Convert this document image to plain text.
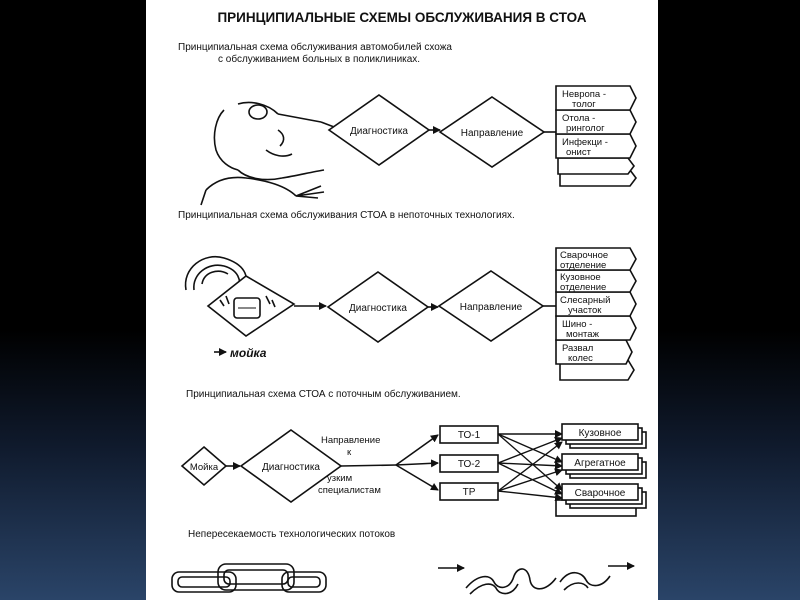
ПРИНЦИПИАЛЬНЫЕ СХЕМЫ ОБСЛУЖИВАНИЯ В СТОА
Принципиальная схема обслуживания автомобилей схожа
с обслуживанием больных в поликлиниках.
Диагностика	Направление
Невропа -
толог
Отола -
ринголог
Инфекци -
онист
Принципиальная схема обслуживания СТОА в непоточных технологиях.
мойка
Диагностика	Направление
Сварочное
отделение
Кузовное
отделение
Слесарный
участок
Шино -
монтаж
Развал
колес
Принципиальная схема СТОА с поточным обслуживанием.
Мойка	Диагностика
Направление
к
узким
специалистам
ТО-1
ТО-2
ТР
Кузовное
Агрегатное
Сварочное
Непересекаемость технологических потоков
